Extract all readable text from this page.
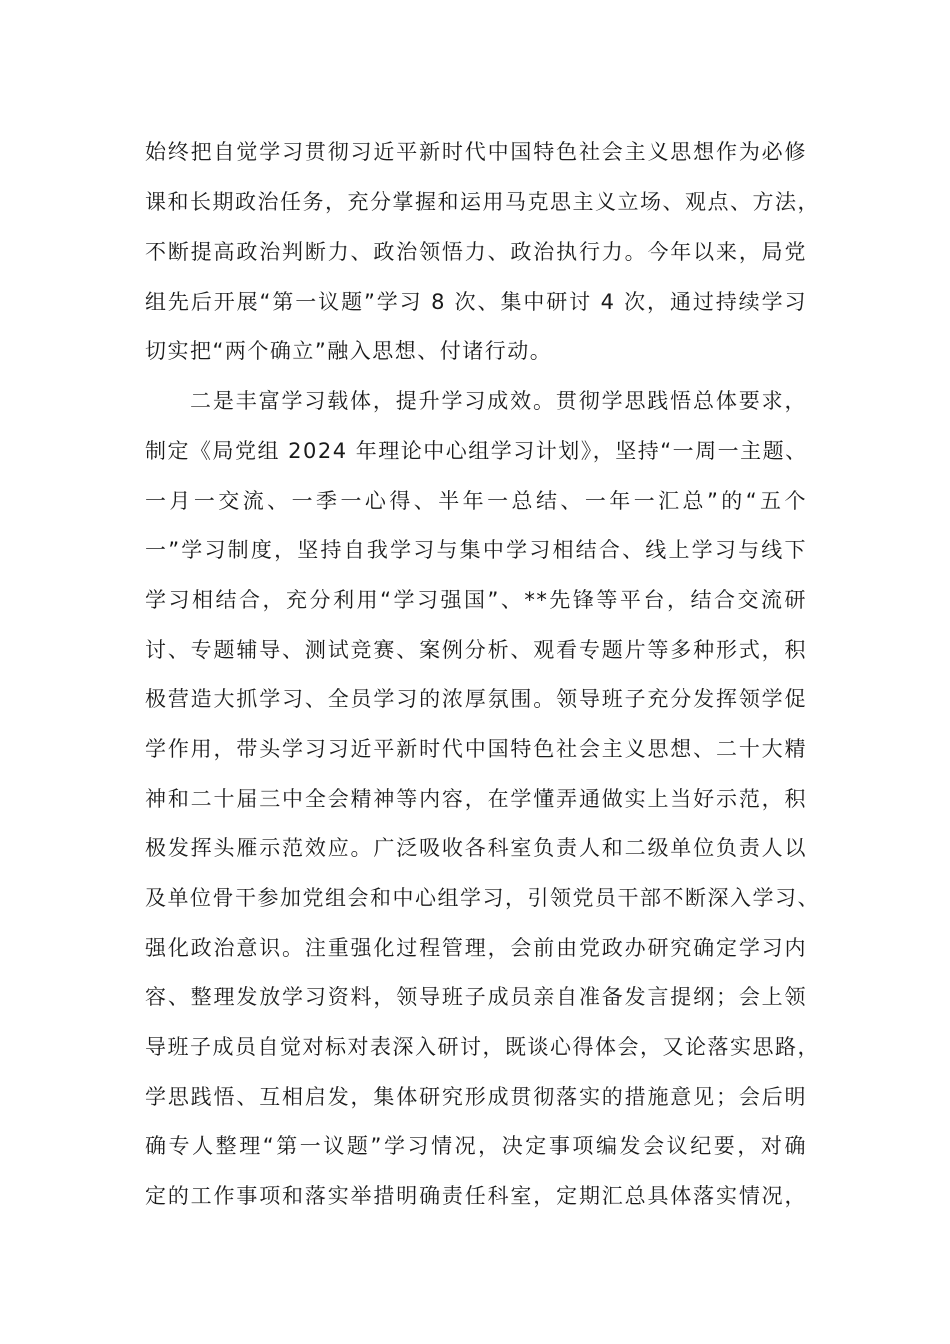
始终把自觉学习贯彻习近平新时代中国特色社会主义思想作为必修
课和长期政治任务，充分掌握和运用马克思主义立场、观点、方法，
不断提高政治判断力、政治领悟力、政治执行力。今年以来，局党
组先后开展“第一议题”学习 8 次、集中研讨 4 次，通过持续学习
切实把“两个确立”融入思想、付诸行动。
二是丰富学习载体，提升学习成效。贯彻学思践悟总体要求，
制定《局党组 2024 年理论中心组学习计划》，坚持“一周一主题、
一月一交流、一季一心得、半年一总结、一年一汇总”的“五个
一”学习制度，坚持自我学习与集中学习相结合、线上学习与线下
学习相结合，充分利用“学习强国”、**先锋等平台，结合交流研
讨、专题辅导、测试竞赛、案例分析、观看专题片等多种形式，积
极营造大抓学习、全员学习的浓厚氛围。领导班子充分发挥领学促
学作用，带头学习习近平新时代中国特色社会主义思想、二十大精
神和二十届三中全会精神等内容，在学懂弄通做实上当好示范，积
极发挥头雁示范效应。广泛吸收各科室负责人和二级单位负责人以
及单位骨干参加党组会和中心组学习，引领党员干部不断深入学习、
强化政治意识。注重强化过程管理，会前由党政办研究确定学习内
容、整理发放学习资料，领导班子成员亲自准备发言提纲；会上领
导班子成员自觉对标对表深入研讨，既谈心得体会，又论落实思路，
学思践悟、互相启发，集体研究形成贯彻落实的措施意见；会后明
确专人整理“第一议题”学习情况，决定事项编发会议纪要，对确
定的工作事项和落实举措明确责任科室，定期汇总具体落实情况，
